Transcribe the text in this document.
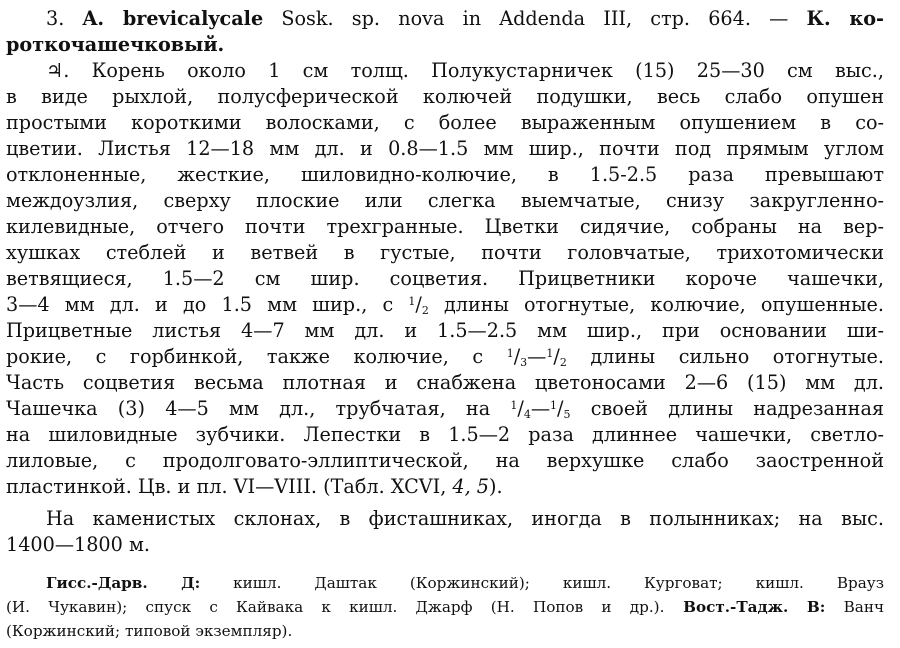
3. A. brevicalycale Sosk. sp. nova in Addenda III, стр. 664. — К. ко-
роткочашечковый.
♃. Корень около 1 см толщ. Полукустарничек (15) 25—30 см выс.,
в виде рыхлой, полусферической колючей подушки, весь слабо опушен
простыми короткими волосками, с более выраженным опушением в со-
цветии. Листья 12—18 мм дл. и 0.8—1.5 мм шир., почти под прямым углом
отклоненные, жесткие, шиловидно-колючие, в 1.5-2.5 раза превышают
междоузлия, сверху плоские или слегка выемчатые, снизу закругленно-
килевидные, отчего почти трехгранные. Цветки сидячие, собраны на вер-
хушках стеблей и ветвей в густые, почти головчатые, трихотомически
ветвящиеся, 1.5—2 см шир. соцветия. Прицветники короче чашечки,
3—4 мм дл. и до 1.5 мм шир., с $^1/_2$ длины отогнутые, колючие, опушенные.
Прицветные листья 4—7 мм дл. и 1.5—2.5 мм шир., при основании ши-
рокие, с горбинкой, также колючие, с $^1/_3—^1/_2$ длины сильно отогнутые.
Часть соцветия весьма плотная и снабжена цветоносами 2—6 (15) мм дл.
Чашечка (3) 4—5 мм дл., трубчатая, на $^1/_4—^1/_5$ своей длины надрезанная
на шиловидные зубчики. Лепестки в 1.5—2 раза длиннее чашечки, светло-
лиловые, с продолговато-эллиптической, на верхушке слабо заостренной
пластинкой. Цв. и пл. VI—VIII. (Табл. XCVI, 4, 5).
На каменистых склонах, в фисташниках, иногда в полынниках; на выс.
1400—1800 м.
Гисс.-Дарв. Д: кишл. Даштак (Коржинский); кишл. Курговат; кишл. Врауз
(И. Чукавин); спуск с Кайвака к кишл. Джарф (Н. Попов и др.). Вост.-Тадж. В: Ванч
(Коржинский; типовой экземпляр).
